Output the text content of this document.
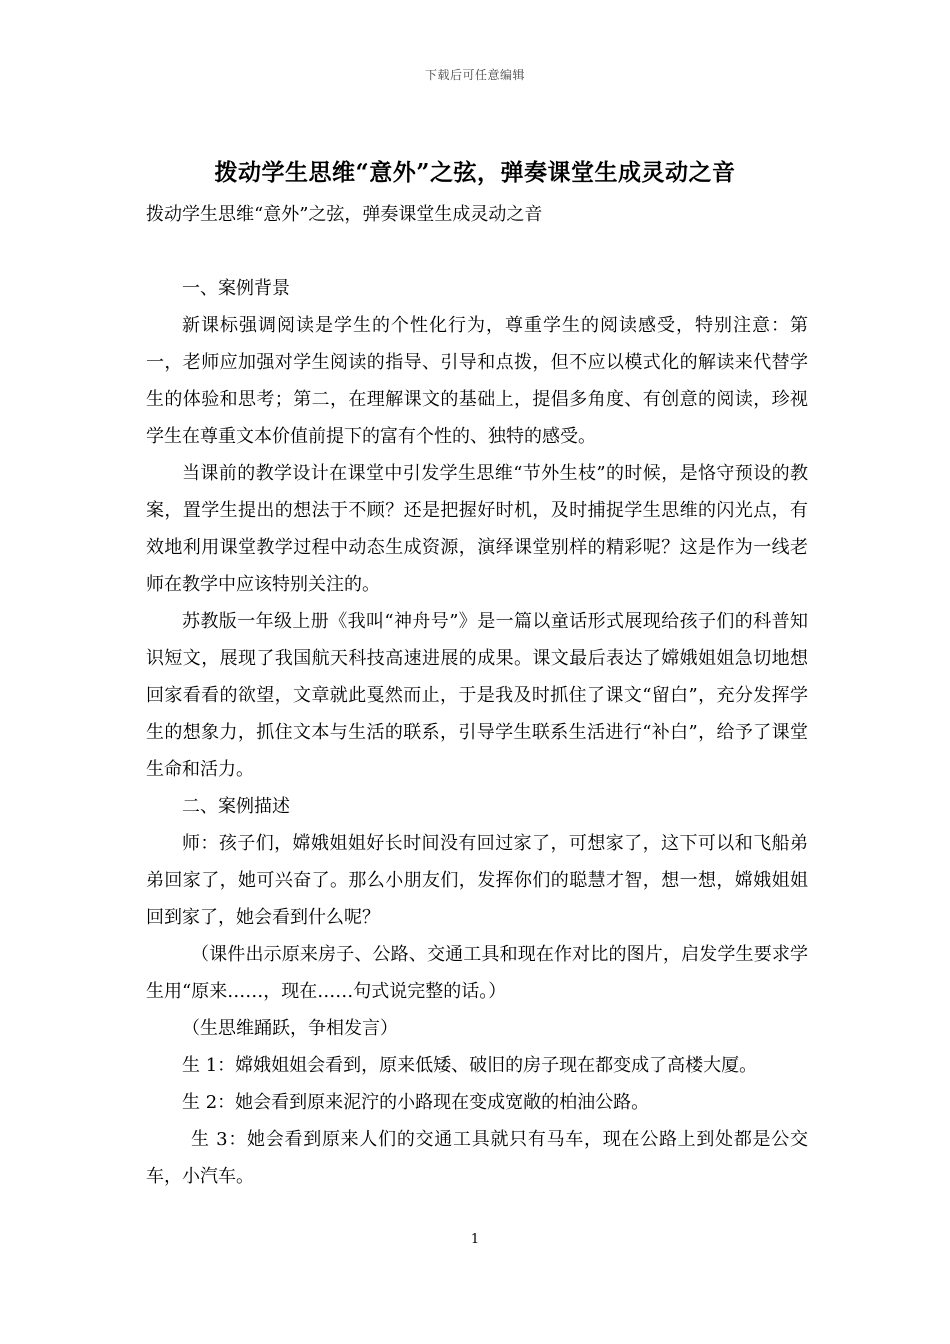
下载后可任意编辑
拨动学生思维“意外”之弦，弹奏课堂生成灵动之音

拨动学生思维“意外”之弦，弹奏课堂生成灵动之音

一、案例背景

新课标强调阅读是学生的个性化行为，尊重学生的阅读感受，特别注意：第一，老师应加强对学生阅读的指导、引导和点拨，但不应以模式化的解读来代替学生的体验和思考；第二，在理解课文的基础上，提倡多角度、有创意的阅读，珍视学生在尊重文本价值前提下的富有个性的、独特的感受。

当课前的教学设计在课堂中引发学生思维“节外生枝”的时候，是恪守预设的教案，置学生提出的想法于不顾？还是把握好时机，及时捕捉学生思维的闪光点，有效地利用课堂教学过程中动态生成资源，演绎课堂别样的精彩呢？这是作为一线老师在教学中应该特别关注的。

苏教版一年级上册《我叫“神舟号”》是一篇以童话形式展现给孩子们的科普知识短文，展现了我国航天科技高速进展的成果。课文最后表达了嫦娥姐姐急切地想回家看看的欲望，文章就此戛然而止，于是我及时抓住了课文“留白”，充分发挥学生的想象力，抓住文本与生活的联系，引导学生联系生活进行“补白”，给予了课堂生命和活力。

二、案例描述

师：孩子们，嫦娥姐姐好长时间没有回过家了，可想家了，这下可以和飞船弟弟回家了，她可兴奋了。那么小朋友们，发挥你们的聪慧才智，想一想，嫦娥姐姐回到家了，她会看到什么呢？

（课件出示原来房子、公路、交通工具和现在作对比的图片，启发学生要求学生用“原来……，现在……句式说完整的话。）

（生思维踊跃，争相发言）

生 1：嫦娥姐姐会看到，原来低矮、破旧的房子现在都变成了高楼大厦。

生 2：她会看到原来泥泞的小路现在变成宽敞的柏油公路。

生 3：她会看到原来人们的交通工具就只有马车，现在公路上到处都是公交车，小汽车。

1
